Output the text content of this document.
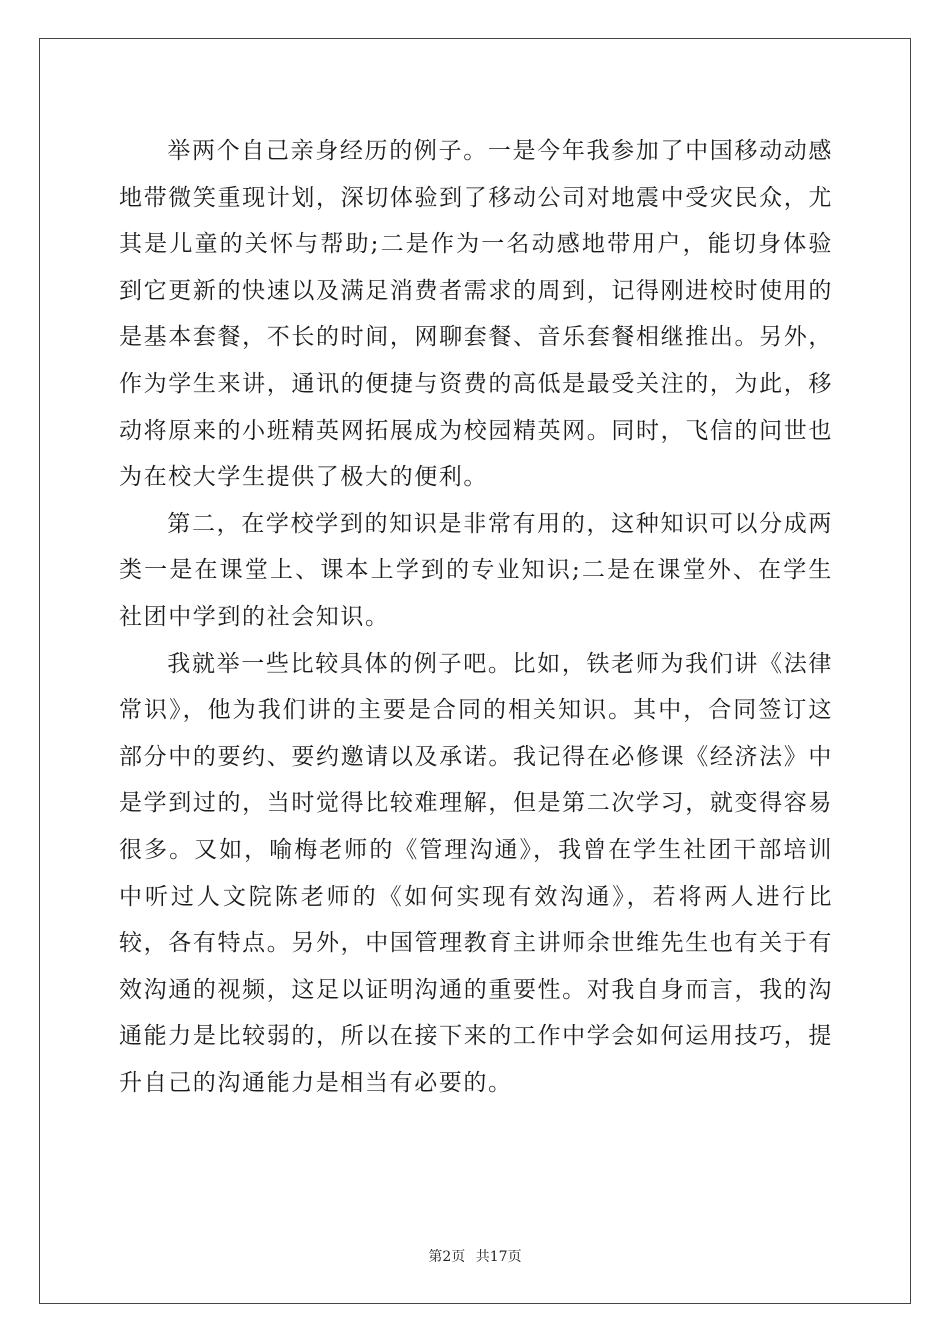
举两个自己亲身经历的例子。一是今年我参加了中国移动动感地带微笑重现计划，深切体验到了移动公司对地震中受灾民众，尤其是儿童的关怀与帮助;二是作为一名动感地带用户，能切身体验到它更新的快速以及满足消费者需求的周到，记得刚进校时使用的是基本套餐，不长的时间，网聊套餐、音乐套餐相继推出。另外，作为学生来讲，通讯的便捷与资费的高低是最受关注的，为此，移动将原来的小班精英网拓展成为校园精英网。同时，飞信的问世也为在校大学生提供了极大的便利。

第二，在学校学到的知识是非常有用的，这种知识可以分成两类一是在课堂上、课本上学到的专业知识;二是在课堂外、在学生社团中学到的社会知识。

我就举一些比较具体的例子吧。比如，铁老师为我们讲《法律常识》，他为我们讲的主要是合同的相关知识。其中，合同签订这部分中的要约、要约邀请以及承诺。我记得在必修课《经济法》中是学到过的，当时觉得比较难理解，但是第二次学习，就变得容易很多。又如，喻梅老师的《管理沟通》，我曾在学生社团干部培训中听过人文院陈老师的《如何实现有效沟通》，若将两人进行比较，各有特点。另外，中国管理教育主讲师余世维先生也有关于有效沟通的视频，这足以证明沟通的重要性。对我自身而言，我的沟通能力是比较弱的，所以在接下来的工作中学会如何运用技巧，提升自己的沟通能力是相当有必要的。

第2页 共17页
